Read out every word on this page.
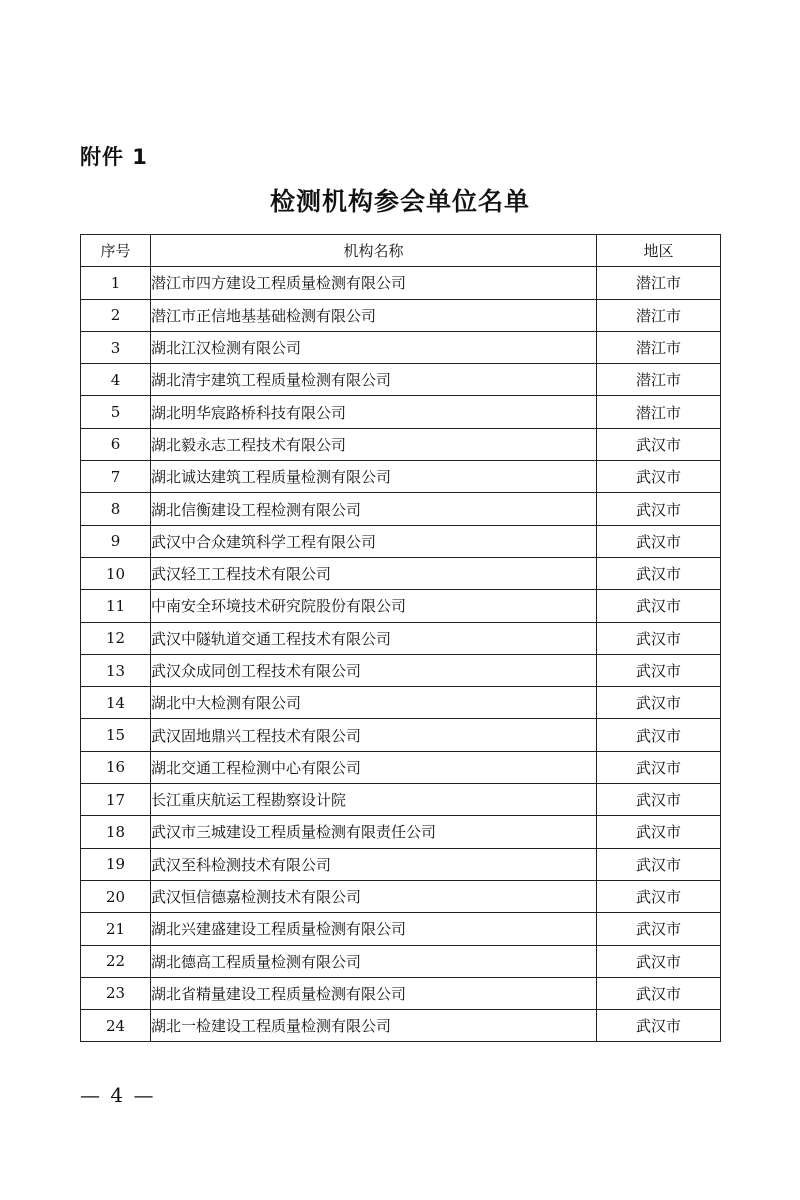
附件 1
检测机构参会单位名单
序号	机构名称	地区
1	潜江市四方建设工程质量检测有限公司	潜江市
2	潜江市正信地基基础检测有限公司	潜江市
3	湖北江汉检测有限公司	潜江市
4	湖北清宇建筑工程质量检测有限公司	潜江市
5	湖北明华宸路桥科技有限公司	潜江市
6	湖北毅永志工程技术有限公司	武汉市
7	湖北诚达建筑工程质量检测有限公司	武汉市
8	湖北信衡建设工程检测有限公司	武汉市
9	武汉中合众建筑科学工程有限公司	武汉市
10	武汉轻工工程技术有限公司	武汉市
11	中南安全环境技术研究院股份有限公司	武汉市
12	武汉中隧轨道交通工程技术有限公司	武汉市
13	武汉众成同创工程技术有限公司	武汉市
14	湖北中大检测有限公司	武汉市
15	武汉固地鼎兴工程技术有限公司	武汉市
16	湖北交通工程检测中心有限公司	武汉市
17	长江重庆航运工程勘察设计院	武汉市
18	武汉市三城建设工程质量检测有限责任公司	武汉市
19	武汉至科检测技术有限公司	武汉市
20	武汉恒信德嘉检测技术有限公司	武汉市
21	湖北兴建盛建设工程质量检测有限公司	武汉市
22	湖北德高工程质量检测有限公司	武汉市
23	湖北省精量建设工程质量检测有限公司	武汉市
24	湖北一检建设工程质量检测有限公司	武汉市
— 4 —
